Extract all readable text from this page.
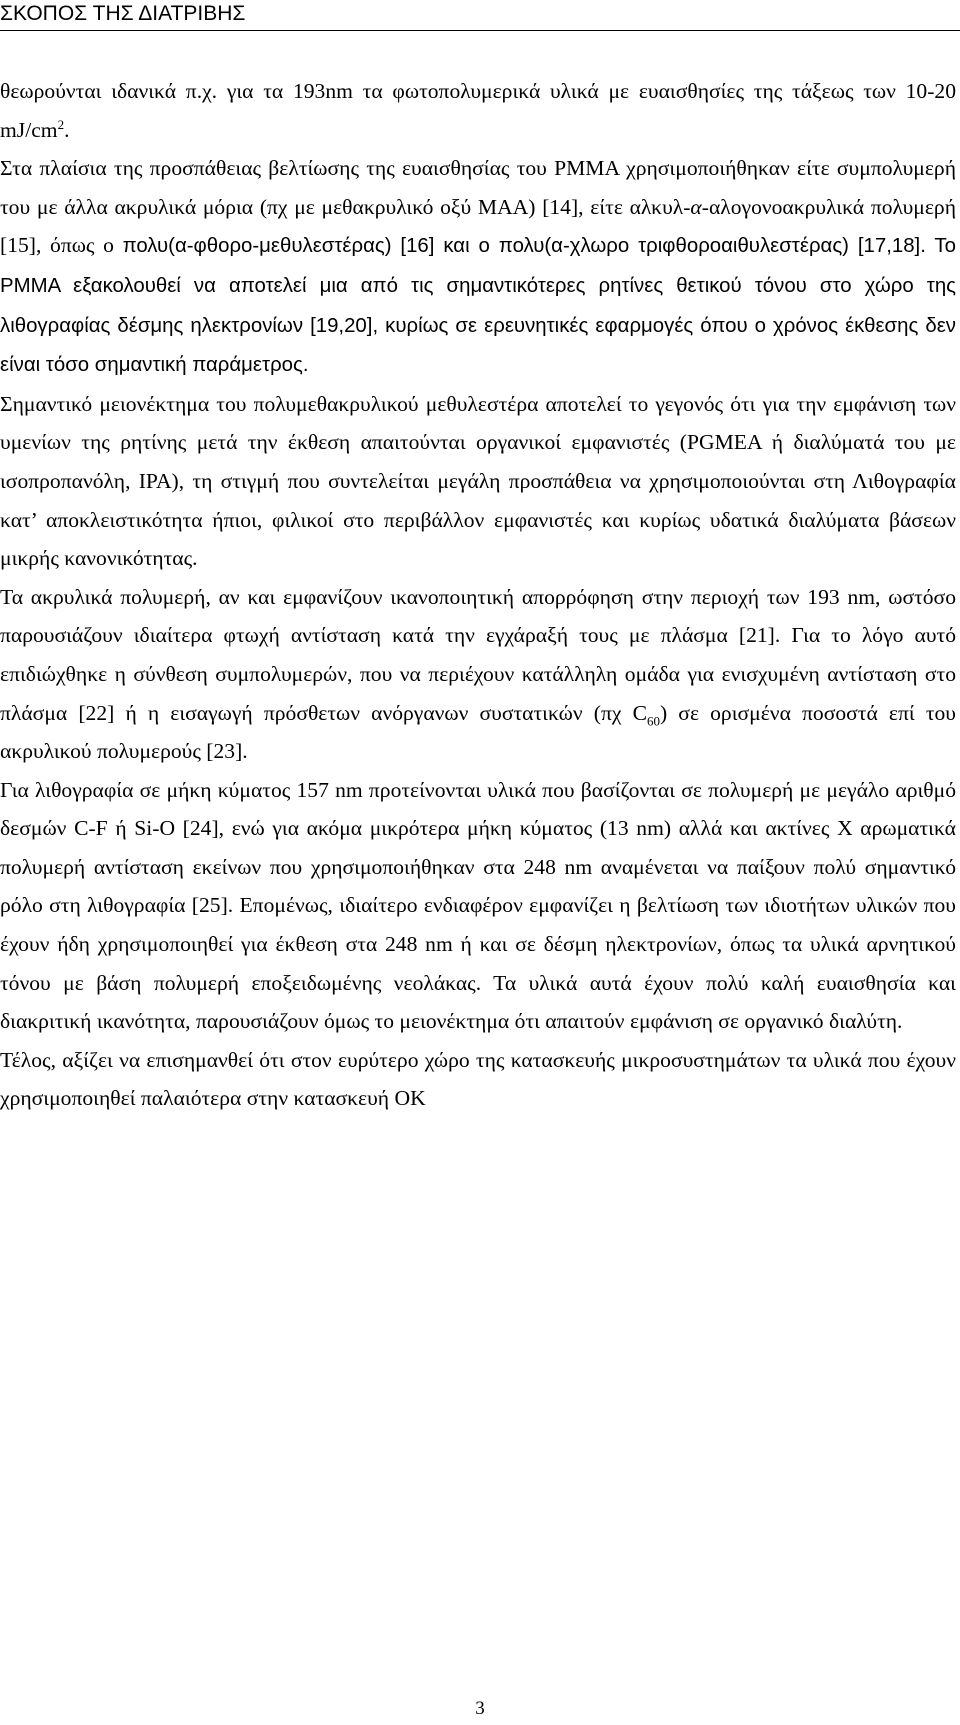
ΣΚΟΠΟΣ ΤΗΣ ΔΙΑΤΡΙΒΗΣ

θεωρούνται ιδανικά π.χ. για τα 193nm τα φωτοπολυμερικά υλικά με ευαισθησίες της τάξεως των 10-20 $mJ/cm^2$.

Στα πλαίσια της προσπάθειας βελτίωσης της ευαισθησίας του PMMA χρησιμοποιήθηκαν είτε συμπολυμερή του με άλλα ακρυλικά μόρια (πχ με μεθακρυλικό οξύ MAA) [14], είτε αλκυλ-α-αλογονοακρυλικά πολυμερή [15], όπως ο πολυ(α-φθορο-μεθυλεστέρας) [16] και ο πολυ(α-χλωρο τριφθοροαιθυλεστέρας) [17,18]. Το PMMA εξακολουθεί να αποτελεί μια από τις σημαντικότερες ρητίνες θετικού τόνου στο χώρο της λιθογραφίας δέσμης ηλεκτρονίων [19,20], κυρίως σε ερευνητικές εφαρμογές όπου ο χρόνος έκθεσης δεν είναι τόσο σημαντική παράμετρος.

Σημαντικό μειονέκτημα του πολυμεθακρυλικού μεθυλεστέρα αποτελεί το γεγονός ότι για την εμφάνιση των υμενίων της ρητίνης μετά την έκθεση απαιτούνται οργανικοί εμφανιστές (PGMEA ή διαλύματά του με ισοπροπανόλη, IPA), τη στιγμή που συντελείται μεγάλη προσπάθεια να χρησιμοποιούνται στη Λιθογραφία κατ’ αποκλειστικότητα ήπιοι, φιλικοί στο περιβάλλον εμφανιστές και κυρίως υδατικά διαλύματα βάσεων μικρής κανονικότητας.

Τα ακρυλικά πολυμερή, αν και εμφανίζουν ικανοποιητική απορρόφηση στην περιοχή των 193 nm, ωστόσο παρουσιάζουν ιδιαίτερα φτωχή αντίσταση κατά την εγχάραξή τους με πλάσμα [21]. Για το λόγο αυτό επιδιώχθηκε η σύνθεση συμπολυμερών, που να περιέχουν κατάλληλη ομάδα για ενισχυμένη αντίσταση στο πλάσμα [22] ή η εισαγωγή πρόσθετων ανόργανων συστατικών (πχ $C_{60}$) σε ορισμένα ποσοστά επί του ακρυλικού πολυμερούς [23].

Για λιθογραφία σε μήκη κύματος 157 nm προτείνονται υλικά που βασίζονται σε πολυμερή με μεγάλο αριθμό δεσμών C-F ή Si-O [24], ενώ για ακόμα μικρότερα μήκη κύματος (13 nm) αλλά και ακτίνες Χ αρωματικά πολυμερή αντίσταση εκείνων που χρησιμοποιήθηκαν στα 248 nm αναμένεται να παίξουν πολύ σημαντικό ρόλο στη λιθογραφία [25]. Επομένως, ιδιαίτερο ενδιαφέρον εμφανίζει η βελτίωση των ιδιοτήτων υλικών που έχουν ήδη χρησιμοποιηθεί για έκθεση στα 248 nm ή και σε δέσμη ηλεκτρονίων, όπως τα υλικά αρνητικού τόνου με βάση πολυμερή εποξειδωμένης νεολάκας. Τα υλικά αυτά έχουν πολύ καλή ευαισθησία και διακριτική ικανότητα, παρουσιάζουν όμως το μειονέκτημα ότι απαιτούν εμφάνιση σε οργανικό διαλύτη.

Τέλος, αξίζει να επισημανθεί ότι στον ευρύτερο χώρο της κατασκευής μικροσυστημάτων τα υλικά που έχουν χρησιμοποιηθεί παλαιότερα στην κατασκευή ΟΚ

3
